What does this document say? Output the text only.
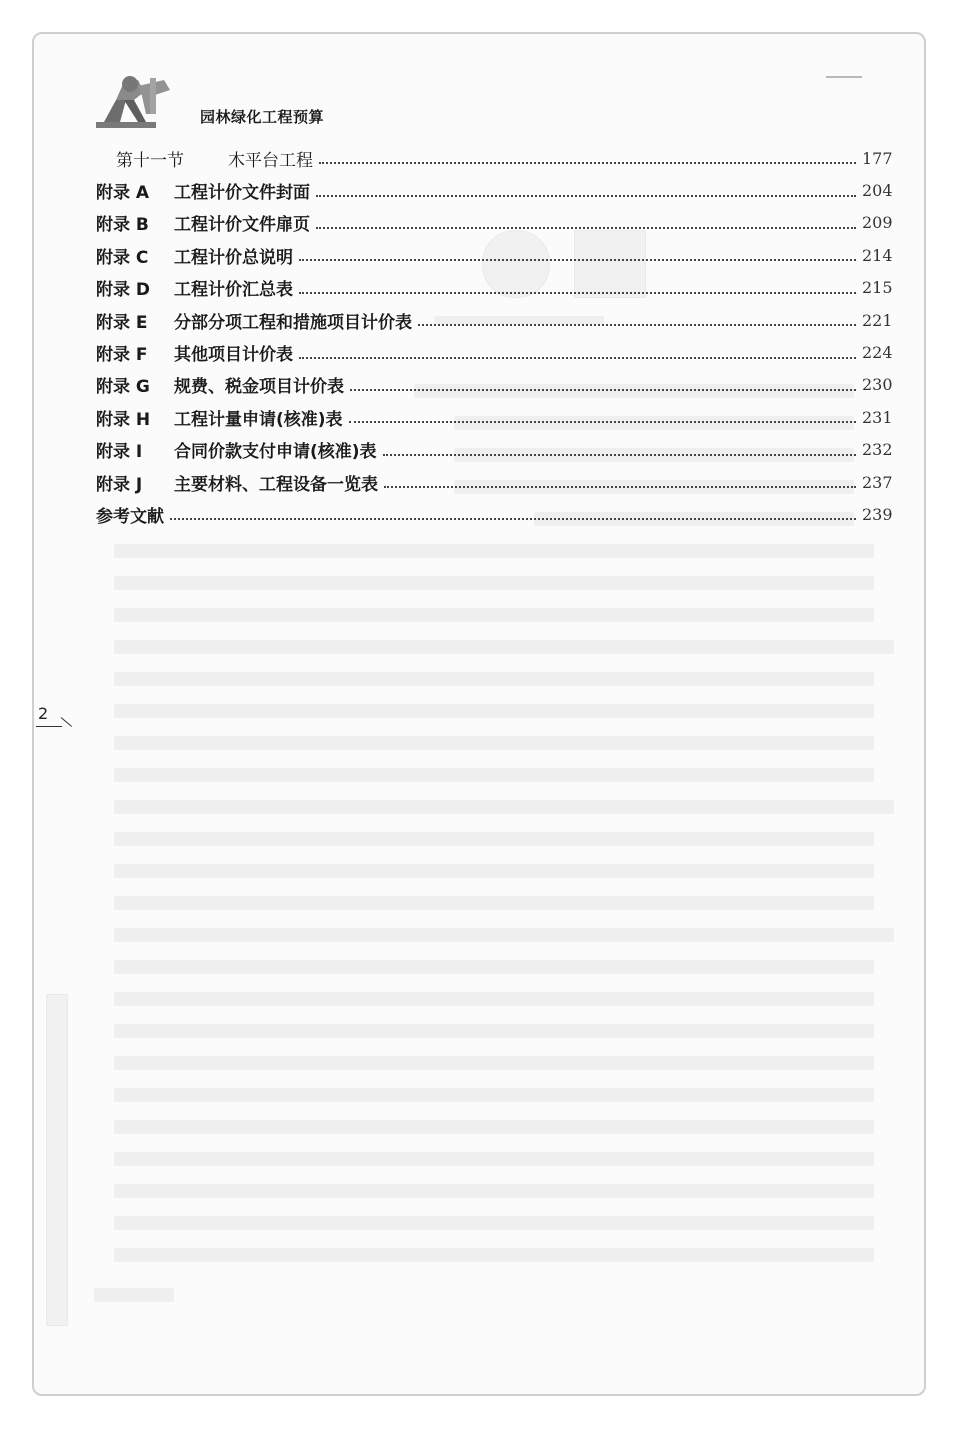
园林绿化工程预算
第十一节	木平台工程	177
附录 A	工程计价文件封面	204
附录 B	工程计价文件扉页	209
附录 C	工程计价总说明	214
附录 D	工程计价汇总表	215
附录 E	分部分项工程和措施项目计价表	221
附录 F	其他项目计价表	224
附录 G	规费、税金项目计价表	230
附录 H	工程计量申请(核准)表	231
附录 I	合同价款支付申请(核准)表	232
附录 J	主要材料、工程设备一览表	237
参考文献	239
2
